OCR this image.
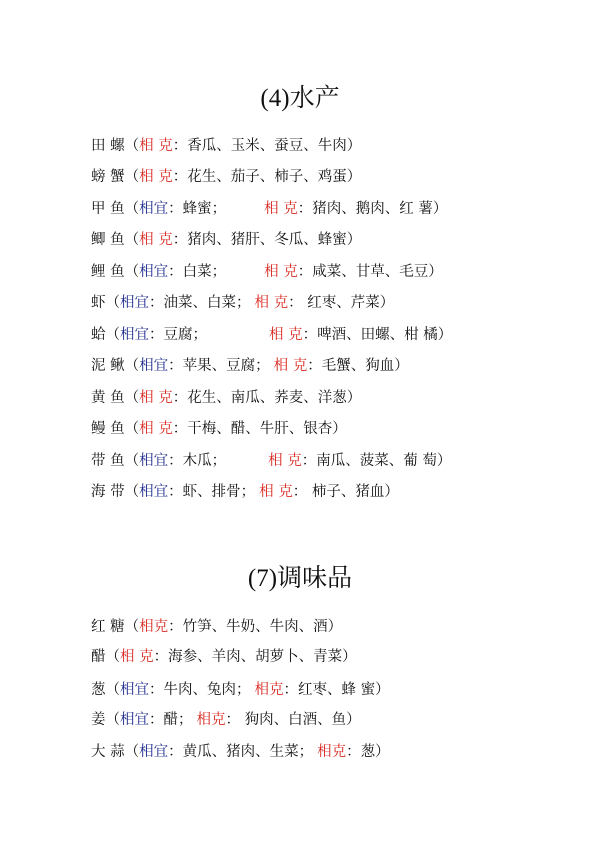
(4)水产
田 螺（相 克：香瓜、玉米、蚕豆、牛肉）
螃 蟹（相 克：花生、茄子、柿子、鸡蛋）
甲 鱼（相宜：蜂蜜；	相 克：猪肉、鹅肉、红 薯）
鲫 鱼（相 克：猪肉、猪肝、冬瓜、蜂蜜）
鲤 鱼（相宜：白菜；	相 克：咸菜、甘草、毛豆）
虾（相宜：油菜、白菜； 相 克： 红枣、芹菜）
蛤（相宜：豆腐；	相 克：啤酒、田螺、柑 橘）
泥 鳅（相宜：苹果、豆腐； 相 克：毛蟹、狗血）
黄 鱼（相 克：花生、南瓜、荞麦、洋葱）
鳗 鱼（相 克：干梅、醋、牛肝、银杏）
带 鱼（相宜：木瓜；	相 克：南瓜、菠菜、葡 萄）
海 带（相宜：虾、排骨； 相 克： 柿子、猪血）
(7)调味品
红 糖（相克：竹笋、牛奶、牛肉、酒）
醋（相 克：海参、羊肉、胡萝卜、青菜）
葱（相宜：牛肉、兔肉； 相克：红枣、蜂 蜜）
姜（相宜：醋； 相克： 狗肉、白酒、鱼）
大 蒜（相宜：黄瓜、猪肉、生菜； 相克：葱）
